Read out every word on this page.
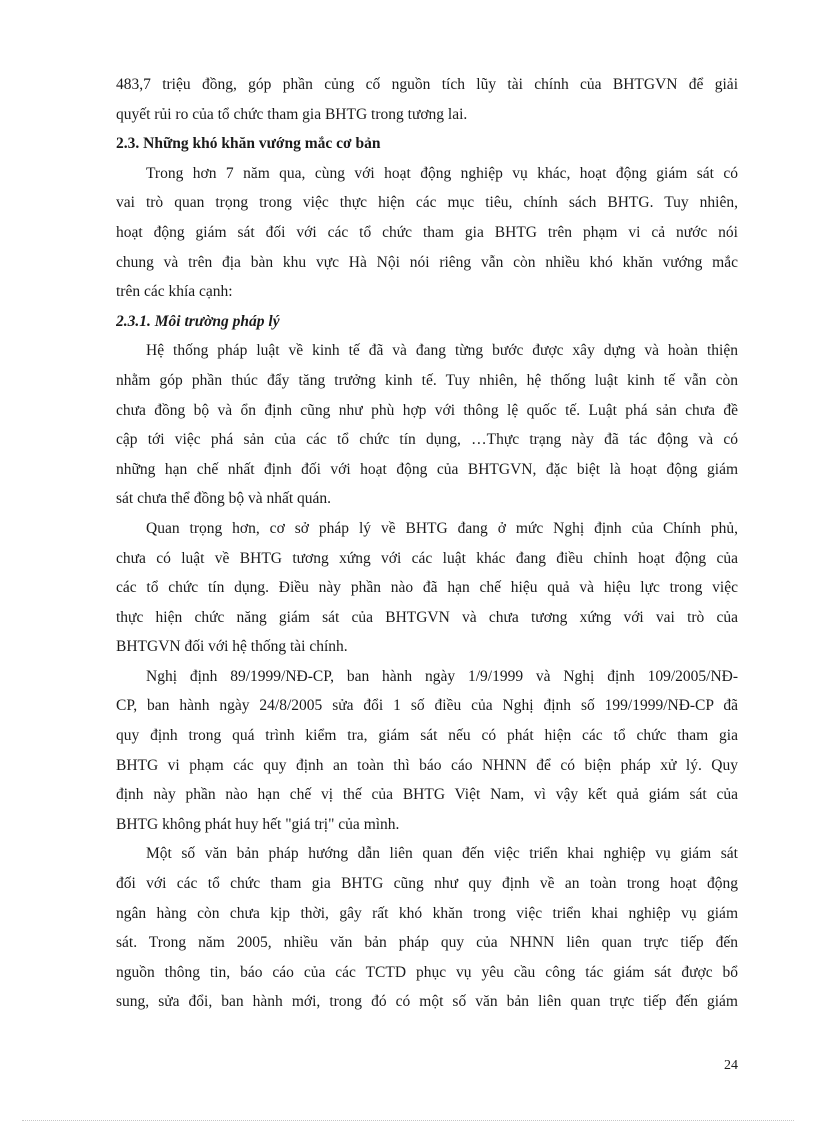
483,7 triệu đồng, góp phần củng cố nguồn tích lũy tài chính của BHTGVN để giải
quyết rủi ro của tổ chức tham gia BHTG trong tương lai.
2.3. Những khó khăn vướng mắc cơ bản
Trong hơn 7 năm qua, cùng với hoạt động nghiệp vụ khác, hoạt động giám sát có
vai trò quan trọng trong việc thực hiện các mục tiêu, chính sách BHTG. Tuy nhiên,
hoạt động giám sát đối với các tổ chức tham gia BHTG trên phạm vi cả nước nói
chung và trên địa bàn khu vực Hà Nội nói riêng vẫn còn nhiều khó khăn vướng mắc
trên các khía cạnh:
2.3.1. Môi trường pháp lý
Hệ thống pháp luật về kinh tế đã và đang từng bước được xây dựng và hoàn thiện
nhằm góp phần thúc đẩy tăng trưởng kinh tế. Tuy nhiên, hệ thống luật kinh tế vẫn còn
chưa đồng bộ và ổn định cũng như phù hợp với thông lệ quốc tế. Luật phá sản chưa đề
cập tới việc phá sản của các tổ chức tín dụng, …Thực trạng này đã tác động và có
những hạn chế nhất định đối với hoạt động của BHTGVN, đặc biệt là hoạt động giám
sát chưa thể đồng bộ và nhất quán.
Quan trọng hơn, cơ sở pháp lý về BHTG đang ở mức Nghị định của Chính phủ,
chưa có luật về BHTG tương xứng với các luật khác đang điều chỉnh hoạt động của
các tổ chức tín dụng. Điều này phần nào đã hạn chế hiệu quả và hiệu lực trong việc
thực hiện chức năng giám sát của BHTGVN và chưa tương xứng với vai trò của
BHTGVN đối với hệ thống tài chính.
Nghị định 89/1999/NĐ-CP, ban hành ngày 1/9/1999 và Nghị định 109/2005/NĐ-
CP, ban hành ngày 24/8/2005 sửa đổi 1 số điều của Nghị định số 199/1999/NĐ-CP đã
quy định trong quá trình kiểm tra, giám sát nếu có phát hiện các tổ chức tham gia
BHTG vi phạm các quy định an toàn thì báo cáo NHNN để có biện pháp xử lý. Quy
định này phần nào hạn chế vị thế của BHTG Việt Nam, vì vậy kết quả giám sát của
BHTG không phát huy hết "giá trị" của mình.
Một số văn bản pháp hướng dẫn liên quan đến việc triển khai nghiệp vụ giám sát
đối với các tổ chức tham gia BHTG cũng như quy định về an toàn trong hoạt động
ngân hàng còn chưa kịp thời, gây rất khó khăn trong việc triển khai nghiệp vụ giám
sát. Trong năm 2005, nhiều văn bản pháp quy của NHNN liên quan trực tiếp đến
nguồn thông tin, báo cáo của các TCTD phục vụ yêu cầu công tác giám sát được bổ
sung, sửa đổi, ban hành mới, trong đó có một số văn bản liên quan trực tiếp đến giám
24
